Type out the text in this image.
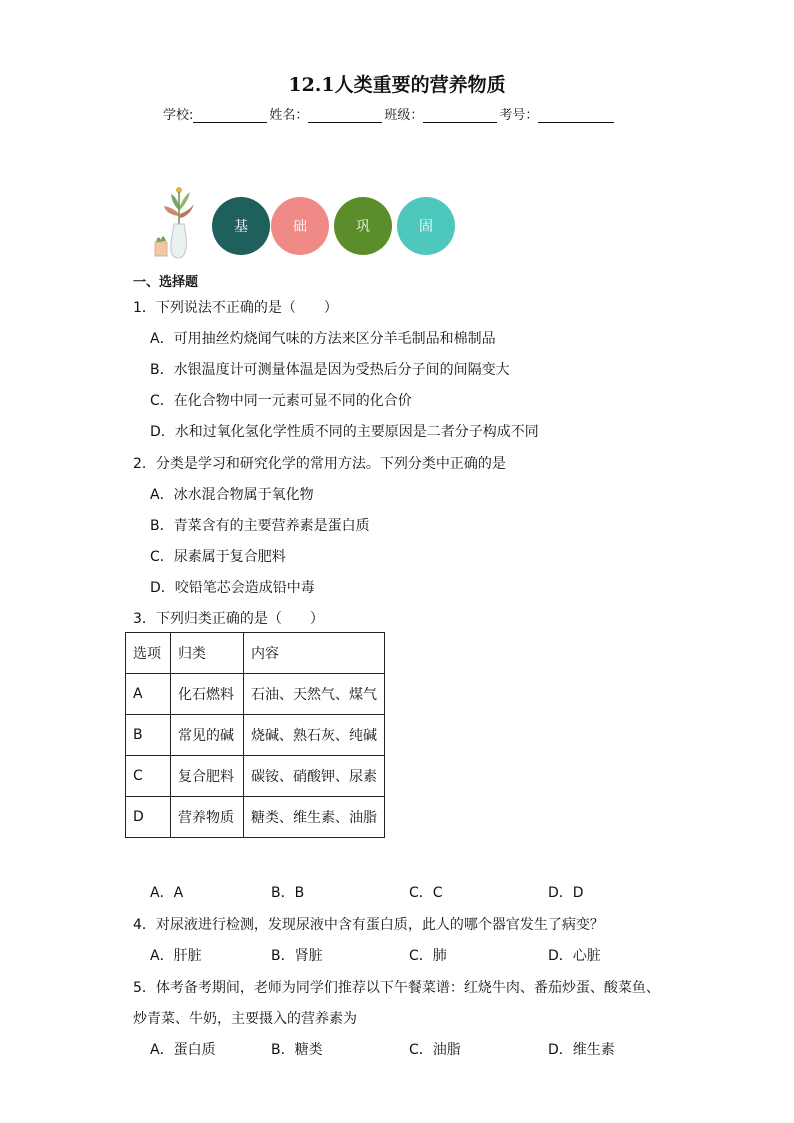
12.1人类重要的营养物质
学校:	姓名：	班级：	考号：
基	础	巩	固
一、选择题
1．下列说法不正确的是（　　）
A．可用抽丝灼烧闻气味的方法来区分羊毛制品和棉制品
B．水银温度计可测量体温是因为受热后分子间的间隔变大
C．在化合物中同一元素可显不同的化合价
D．水和过氧化氢化学性质不同的主要原因是二者分子构成不同
2．分类是学习和研究化学的常用方法。下列分类中正确的是
A．冰水混合物属于氧化物
B．青菜含有的主要营养素是蛋白质
C．尿素属于复合肥料
D．咬铅笔芯会造成铅中毒
3．下列归类正确的是（　　）
选项	归类	内容
A	化石燃料	石油、天然气、煤气
B	常见的碱	烧碱、熟石灰、纯碱
C	复合肥料	碳铵、硝酸钾、尿素
D	营养物质	糖类、维生素、油脂
A．A	B．B	C．C	D．D
4．对尿液进行检测，发现尿液中含有蛋白质，此人的哪个器官发生了病变？
A．肝脏	B．肾脏	C．肺	D．心脏
5．体考备考期间，老师为同学们推荐以下午餐菜谱：红烧牛肉、番茄炒蛋、酸菜鱼、
炒青菜、牛奶，主要摄入的营养素为
A．蛋白质	B．糖类	C．油脂	D．维生素
